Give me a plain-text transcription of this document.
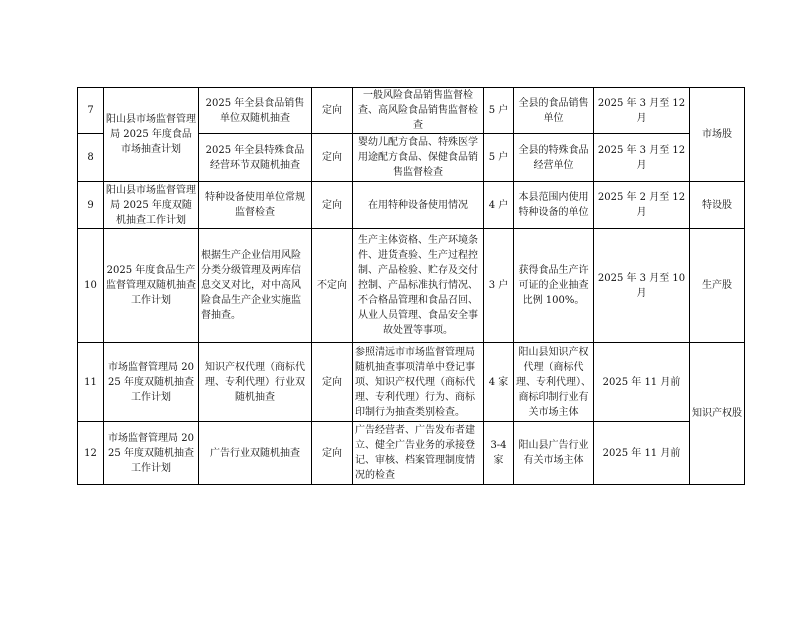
7	阳山县市场监督管理局 2025 年度食品市场抽查计划	2025 年全县食品销售单位双随机抽查	定向	一般风险食品销售监督检查、高风险食品销售监督检查	5 户	全县的食品销售单位	2025 年 3 月至 12 月	市场股
8		2025 年全县特殊食品经营环节双随机抽查	定向	婴幼儿配方食品、特殊医学用途配方食品、保健食品销售监督检查	5 户	全县的特殊食品经营单位	2025 年 3 月至 12 月	
9	阳山县市场监督管理局 2025 年度双随机抽查工作计划	特种设备使用单位常规监督检查	定向	在用特种设备使用情况	4 户	本县范围内使用特种设备的单位	2025 年 2 月至 12 月	特设股
10	2025 年度食品生产监督管理双随机抽查工作计划	根据生产企业信用风险分类分级管理及两库信息交叉对比，对中高风险食品生产企业实施监督抽查。	不定向	生产主体资格、生产环境条件、进货查验、生产过程控制、产品检验、贮存及交付控制、产品标准执行情况、不合格品管理和食品召回、从业人员管理、食品安全事故处置等事项。	3 户	获得食品生产许可证的企业抽查比例 100%。	2025 年 3 月至 10 月	生产股
11	市场监督管理局 2025 年度双随机抽查工作计划	知识产权代理（商标代理、专利代理）行业双随机抽查	定向	参照清远市市场监督管理局随机抽查事项清单中登记事项、知识产权代理（商标代理、专利代理）行为、商标印制行为抽查类别检查。	4 家	阳山县知识产权代理（商标代理、专利代理）、商标印制行业有关市场主体	2025 年 11 月前	知识产权股
12	市场监督管理局 2025 年度双随机抽查工作计划	广告行业双随机抽查	定向	广告经营者、广告发布者建立、健全广告业务的承接登记、审核、档案管理制度情况的检查	3-4 家	阳山县广告行业有关市场主体	2025 年 11 月前	
